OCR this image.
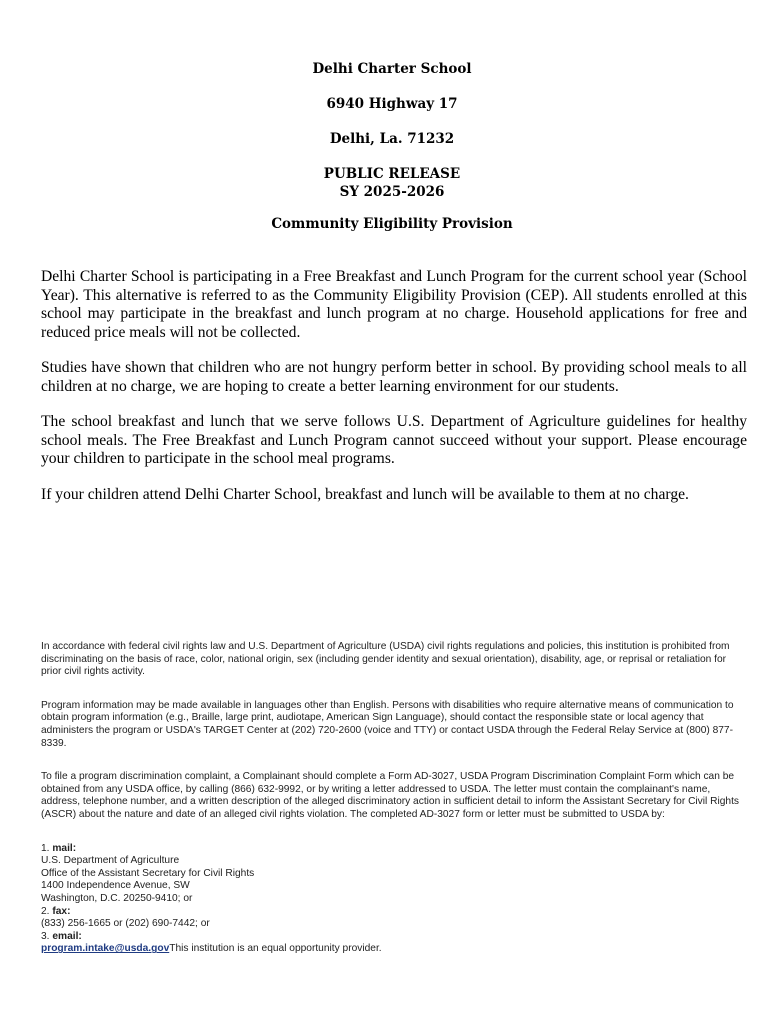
Delhi Charter School
6940 Highway 17
Delhi, La. 71232
PUBLIC RELEASE
SY 2025-2026
Community Eligibility Provision

Delhi Charter School is participating in a Free Breakfast and Lunch Program for the current school year (School Year). This alternative is referred to as the Community Eligibility Provision (CEP). All students enrolled at this school may participate in the breakfast and lunch program at no charge. Household applications for free and reduced price meals will not be collected.

Studies have shown that children who are not hungry perform better in school. By providing school meals to all children at no charge, we are hoping to create a better learning environment for our students.

The school breakfast and lunch that we serve follows U.S. Department of Agriculture guidelines for healthy school meals. The Free Breakfast and Lunch Program cannot succeed without your support. Please encourage your children to participate in the school meal programs.

If your children attend Delhi Charter School, breakfast and lunch will be available to them at no charge.

In accordance with federal civil rights law and U.S. Department of Agriculture (USDA) civil rights regulations and policies, this institution is prohibited from discriminating on the basis of race, color, national origin, sex (including gender identity and sexual orientation), disability, age, or reprisal or retaliation for prior civil rights activity.

Program information may be made available in languages other than English. Persons with disabilities who require alternative means of communication to obtain program information (e.g., Braille, large print, audiotape, American Sign Language), should contact the responsible state or local agency that administers the program or USDA's TARGET Center at (202) 720-2600 (voice and TTY) or contact USDA through the Federal Relay Service at (800) 877-8339.

To file a program discrimination complaint, a Complainant should complete a Form AD-3027, USDA Program Discrimination Complaint Form which can be obtained from any USDA office, by calling (866) 632-9992, or by writing a letter addressed to USDA. The letter must contain the complainant's name, address, telephone number, and a written description of the alleged discriminatory action in sufficient detail to inform the Assistant Secretary for Civil Rights (ASCR) about the nature and date of an alleged civil rights violation. The completed AD-3027 form or letter must be submitted to USDA by:

1. mail:
U.S. Department of Agriculture
Office of the Assistant Secretary for Civil Rights
1400 Independence Avenue, SW
Washington, D.C. 20250-9410; or
2. fax:
(833) 256-1665 or (202) 690-7442; or
3. email:
program.intake@usda.govThis institution is an equal opportunity provider.
